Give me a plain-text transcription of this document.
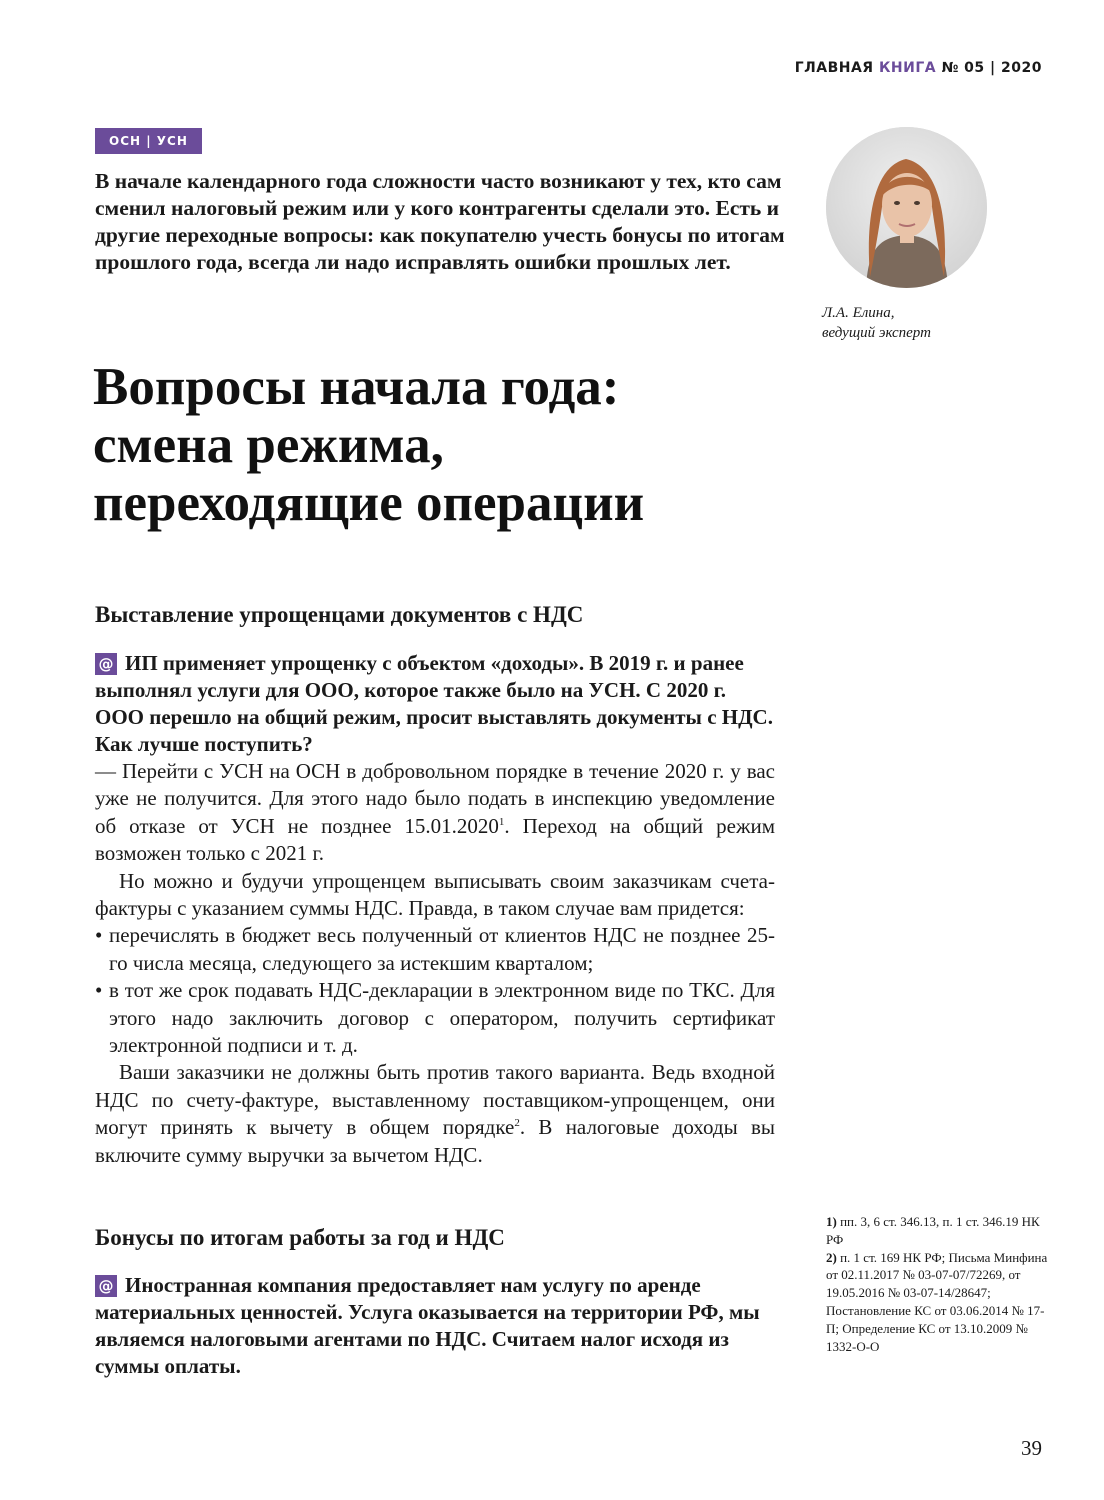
ГЛАВНАЯ КНИГА № 05 | 2020
ОСН | УСН
В начале календарного года сложности часто возникают у тех, кто сам сменил налоговый режим или у кого контрагенты сделали это. Есть и другие переходные вопросы: как покупателю учесть бонусы по итогам прошлого года, всегда ли надо исправлять ошибки прошлых лет.
Л.А. Елина,
ведущий эксперт
Вопросы начала года:
смена режима,
переходящие операции
Выставление упрощенцами документов с НДС
@ ИП применяет упрощенку с объектом «доходы». В 2019 г. и ранее выполнял услуги для ООО, которое также было на УСН. С 2020 г. ООО перешло на общий режим, просит выставлять документы с НДС. Как лучше поступить?

— Перейти с УСН на ОСН в добровольном порядке в течение 2020 г. у вас уже не получится. Для этого надо было подать в инспекцию уведомление об отказе от УСН не позднее 15.01.2020$^1$. Переход на общий режим возможен только с 2021 г.

Но можно и будучи упрощенцем выписывать своим заказчикам счета-фактуры с указанием суммы НДС. Правда, в таком случае вам придется:

• перечислять в бюджет весь полученный от клиентов НДС не позднее 25-го числа месяца, следующего за истекшим кварталом;
• в тот же срок подавать НДС-декларации в электронном виде по ТКС. Для этого надо заключить договор с оператором, получить сертификат электронной подписи и т. д.

Ваши заказчики не должны быть против такого варианта. Ведь входной НДС по счету-фактуре, выставленному поставщиком-упрощенцем, они могут принять к вычету в общем порядке$^2$. В налоговые доходы вы включите сумму выручки за вычетом НДС.

Бонусы по итогам работы за год и НДС
@ Иностранная компания предоставляет нам услугу по аренде материальных ценностей. Услуга оказывается на территории РФ, мы являемся налоговыми агентами по НДС. Считаем налог исходя из суммы оплаты.
1) пп. 3, 6 ст. 346.13, п. 1 ст. 346.19 НК РФ
2) п. 1 ст. 169 НК РФ; Письма Минфина от 02.11.2017 № 03-07-07/72269, от 19.05.2016 № 03-07-14/28647; Постановление КС от 03.06.2014 № 17-П; Определение КС от 13.10.2009 № 1332-О-О
39
